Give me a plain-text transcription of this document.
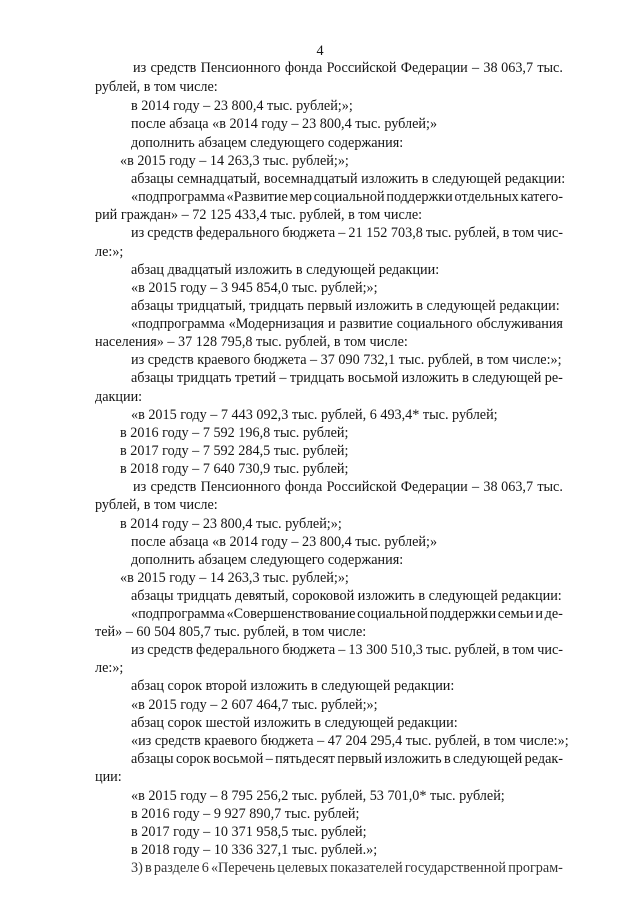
4
из средств Пенсионного фонда Российской Федерации – 38 063,7 тыс.
рублей, в том числе:
в 2014 году – 23 800,4 тыс. рублей;»;
после абзаца «в 2014 году – 23 800,4 тыс. рублей;»
дополнить абзацем следующего содержания:
«в 2015 году – 14 263,3 тыс. рублей;»;
абзацы семнадцатый, восемнадцатый изложить в следующей редакции:
«подпрограмма «Развитие мер социальной поддержки отдельных катего-
рий граждан» – 72 125 433,4 тыс. рублей, в том числе:
из средств федерального бюджета – 21 152 703,8 тыс. рублей, в том чис-
ле:»;
абзац двадцатый изложить в следующей редакции:
«в 2015 году – 3 945 854,0 тыс. рублей;»;
абзацы тридцатый, тридцать первый изложить в следующей редакции:
«подпрограмма «Модернизация и развитие социального обслуживания
населения» – 37 128 795,8 тыс. рублей, в том числе:
из средств краевого бюджета – 37 090 732,1 тыс. рублей, в том числе:»;
абзацы тридцать третий – тридцать восьмой изложить в следующей ре-
дакции:
«в 2015 году – 7 443 092,3 тыс. рублей, 6 493,4* тыс. рублей;
в 2016 году – 7 592 196,8 тыс. рублей;
в 2017 году – 7 592 284,5 тыс. рублей;
в 2018 году – 7 640 730,9 тыс. рублей;
из средств Пенсионного фонда Российской Федерации – 38 063,7 тыс.
рублей, в том числе:
в 2014 году – 23 800,4 тыс. рублей;»;
после абзаца «в 2014 году – 23 800,4 тыс. рублей;»
дополнить абзацем следующего содержания:
«в 2015 году – 14 263,3 тыс. рублей;»;
абзацы тридцать девятый, сороковой изложить в следующей редакции:
«подпрограмма «Совершенствование социальной поддержки семьи и де-
тей» – 60 504 805,7 тыс. рублей, в том числе:
из средств федерального бюджета – 13 300 510,3 тыс. рублей, в том чис-
ле:»;
абзац сорок второй изложить в следующей редакции:
«в 2015 году – 2 607 464,7 тыс. рублей;»;
абзац сорок шестой изложить в следующей редакции:
«из средств краевого бюджета – 47 204 295,4 тыс. рублей, в том числе:»;
абзацы сорок восьмой – пятьдесят первый изложить в следующей редак-
ции:
«в 2015 году – 8 795 256,2 тыс. рублей, 53 701,0* тыс. рублей;
в 2016 году – 9 927 890,7 тыс. рублей;
в 2017 году – 10 371 958,5 тыс. рублей;
в 2018 году – 10 336 327,1 тыс. рублей.»;
3) в разделе 6 «Перечень целевых показателей государственной програм-
